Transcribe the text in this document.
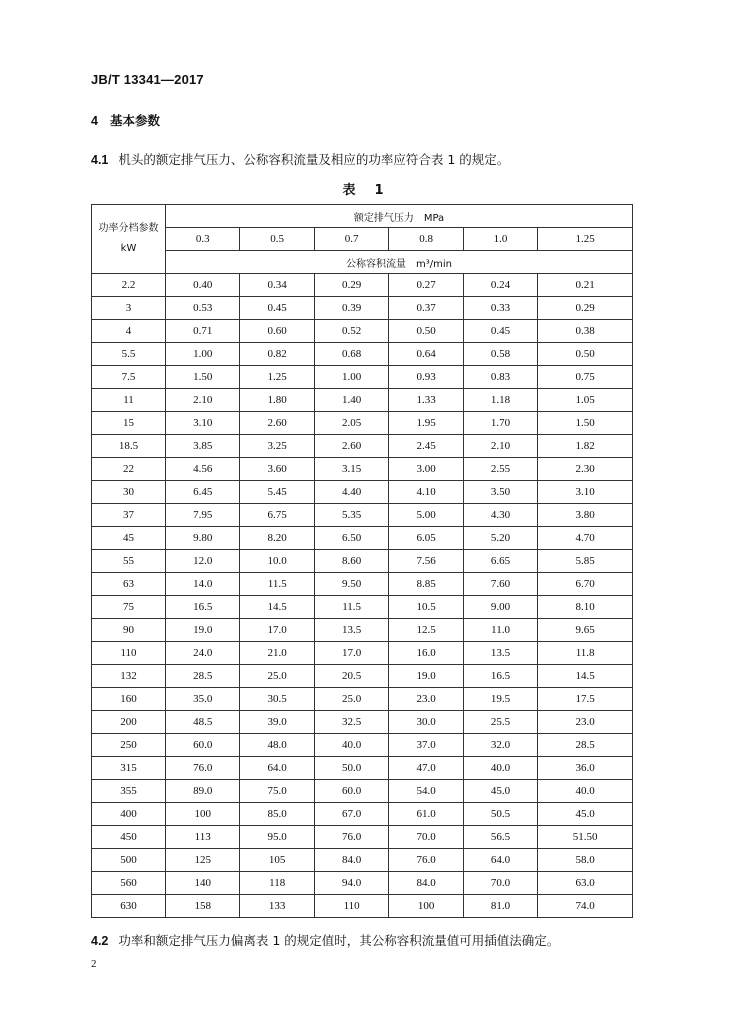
JB/T 13341—2017
4 基本参数
4.1 机头的额定排气压力、公称容积流量及相应的功率应符合表 1 的规定。
表　1
功率分档参数
kW	额定排气压力　MPa					
	0.3	0.5	0.7	0.8	1.0	1.25
	公称容积流量　m³/min					
2.2	0.40	0.34	0.29	0.27	0.24	0.21
3	0.53	0.45	0.39	0.37	0.33	0.29
4	0.71	0.60	0.52	0.50	0.45	0.38
5.5	1.00	0.82	0.68	0.64	0.58	0.50
7.5	1.50	1.25	1.00	0.93	0.83	0.75
11	2.10	1.80	1.40	1.33	1.18	1.05
15	3.10	2.60	2.05	1.95	1.70	1.50
18.5	3.85	3.25	2.60	2.45	2.10	1.82
22	4.56	3.60	3.15	3.00	2.55	2.30
30	6.45	5.45	4.40	4.10	3.50	3.10
37	7.95	6.75	5.35	5.00	4.30	3.80
45	9.80	8.20	6.50	6.05	5.20	4.70
55	12.0	10.0	8.60	7.56	6.65	5.85
63	14.0	11.5	9.50	8.85	7.60	6.70
75	16.5	14.5	11.5	10.5	9.00	8.10
90	19.0	17.0	13.5	12.5	11.0	9.65
110	24.0	21.0	17.0	16.0	13.5	11.8
132	28.5	25.0	20.5	19.0	16.5	14.5
160	35.0	30.5	25.0	23.0	19.5	17.5
200	48.5	39.0	32.5	30.0	25.5	23.0
250	60.0	48.0	40.0	37.0	32.0	28.5
315	76.0	64.0	50.0	47.0	40.0	36.0
355	89.0	75.0	60.0	54.0	45.0	40.0
400	100	85.0	67.0	61.0	50.5	45.0
450	113	95.0	76.0	70.0	56.5	51.50
500	125	105	84.0	76.0	64.0	58.0
560	140	118	94.0	84.0	70.0	63.0
630	158	133	110	100	81.0	74.0
4.2 功率和额定排气压力偏离表 1 的规定值时，其公称容积流量值可用插值法确定。
2
